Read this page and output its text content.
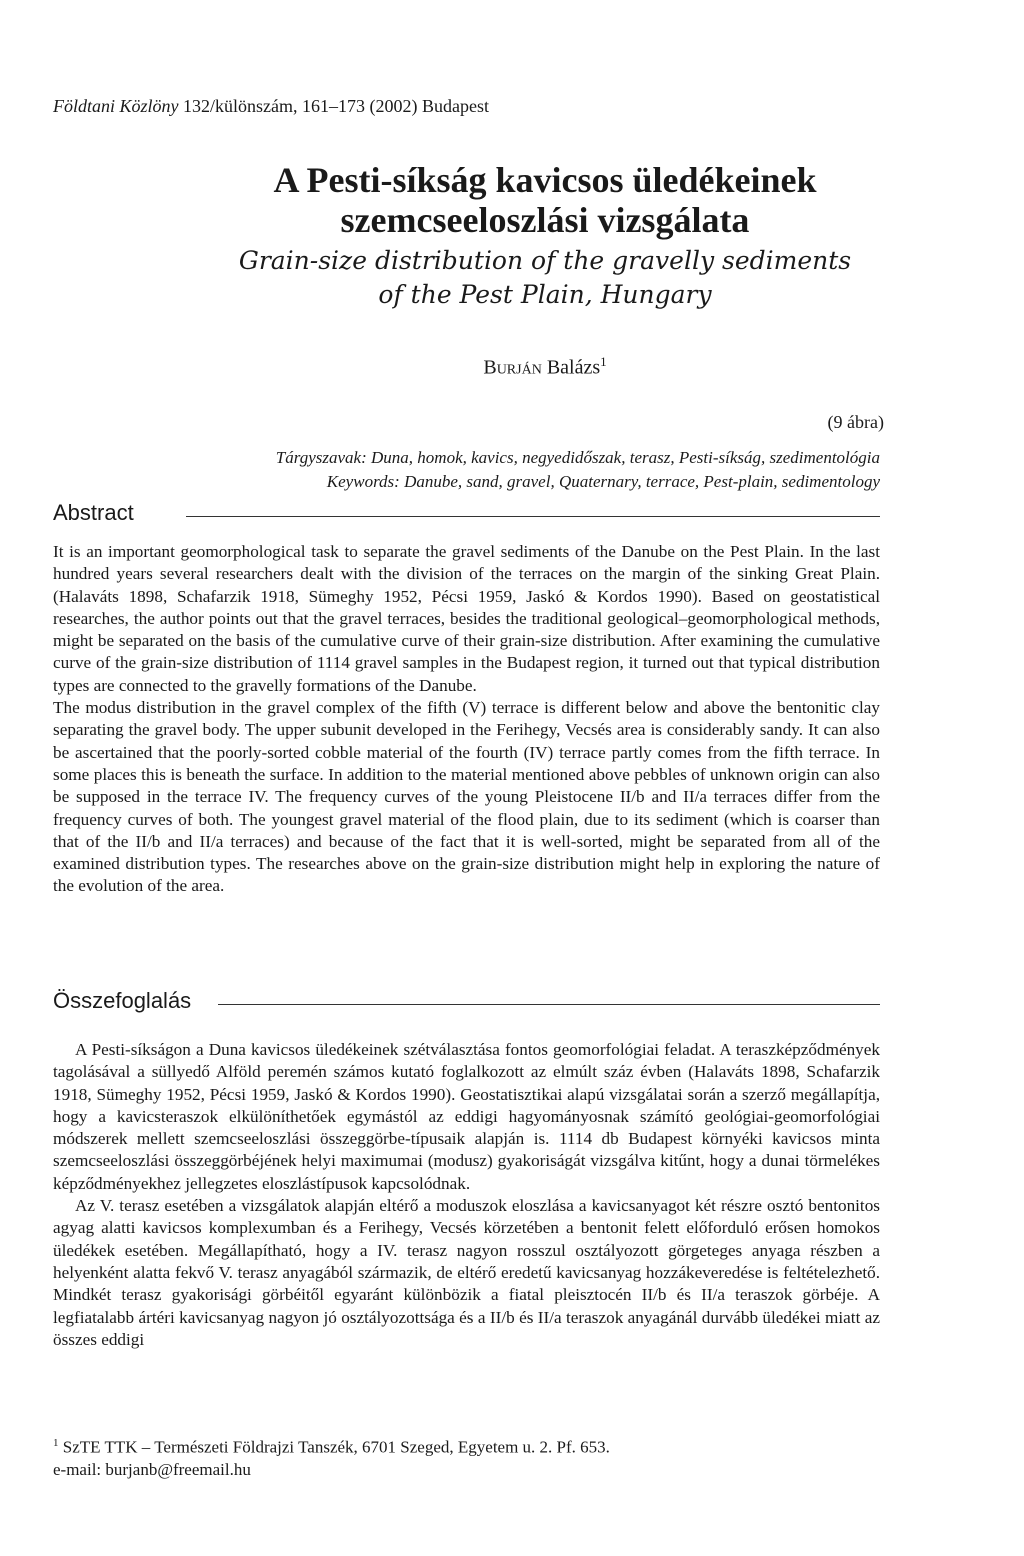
Földtani Közlöny 132/különszám, 161–173 (2002) Budapest

A Pesti-síkság kavicsos üledékeinek

szemcseeloszlási vizsgálata

Grain-size distribution of the gravelly sediments

of the Pest Plain, Hungary

Burján Balázs$^1$
(9 ábra)
Tárgyszavak: Duna, homok, kavics, negyedidőszak, terasz, Pesti-síkság, szedimentológia
Keywords: Danube, sand, gravel, Quaternary, terrace, Pest-plain, sedimentology
Abstract

It is an important geomorphological task to separate the gravel sediments of the Danube on the Pest Plain. In the last hundred years several researchers dealt with the division of the terraces on the margin of the sinking Great Plain. (Halaváts 1898, Schafarzik 1918, Sümeghy 1952, Pécsi 1959, Jaskó & Kordos 1990). Based on geostatistical researches, the author points out that the gravel terraces, besides the traditional geological–geomorphological methods, might be separated on the basis of the cumulative curve of their grain-size distribution. After examining the cumulative curve of the grain-size distribution of 1114 gravel samples in the Budapest region, it turned out that typical distribution types are connected to the gravelly formations of the Danube.

The modus distribution in the gravel complex of the fifth (V) terrace is different below and above the bentonitic clay separating the gravel body. The upper subunit developed in the Ferihegy, Vecsés area is considerably sandy. It can also be ascertained that the poorly-sorted cobble material of the fourth (IV) terrace partly comes from the fifth terrace. In some places this is beneath the surface. In addition to the material mentioned above pebbles of unknown origin can also be supposed in the terrace IV. The frequency curves of the young Pleistocene II/b and II/a terraces differ from the frequency curves of both. The youngest gravel material of the flood plain, due to its sediment (which is coarser than that of the II/b and II/a terraces) and because of the fact that it is well-sorted, might be separated from all of the examined distribution types. The researches above on the grain-size distribution might help in exploring the nature of the evolution of the area.

Összefoglalás

A Pesti-síkságon a Duna kavicsos üledékeinek szétválasztása fontos geomorfológiai feladat. A teraszképződmények tagolásával a süllyedő Alföld peremén számos kutató foglalkozott az elmúlt száz évben (Halaváts 1898, Schafarzik 1918, Sümeghy 1952, Pécsi 1959, Jaskó & Kordos 1990). Geostatisztikai alapú vizsgálatai során a szerző megállapítja, hogy a kavicsteraszok elkülöníthetőek egymástól az eddigi hagyományosnak számító geológiai-geomorfológiai módszerek mellett szemcseeloszlási összeggörbe-típusaik alapján is. 1114 db Budapest környéki kavicsos minta szemcseeloszlási összeggörbéjének helyi maximumai (modusz) gyakoriságát vizsgálva kitűnt, hogy a dunai törmelékes képződményekhez jellegzetes eloszlástípusok kapcsolódnak.

Az V. terasz esetében a vizsgálatok alapján eltérő a moduszok eloszlása a kavicsanyagot két részre osztó bentonitos agyag alatti kavicsos komplexumban és a Ferihegy, Vecsés körzetében a bentonit felett előforduló erősen homokos üledékek esetében. Megállapítható, hogy a IV. terasz nagyon rosszul osztályozott görgeteges anyaga részben a helyenként alatta fekvő V. terasz anyagából származik, de eltérő eredetű kavicsanyag hozzákeveredése is feltételezhető. Mindkét terasz gyakorisági görbéitől egyaránt különbözik a fiatal pleisztocén II/b és II/a teraszok görbéje. A legfiatalabb ártéri kavicsanyag nagyon jó osztályozottsága és a II/b és II/a teraszok anyagánál durvább üledékei miatt az összes eddigi

$^1$ SzTE TTK – Természeti Földrajzi Tanszék, 6701 Szeged, Egyetem u. 2. Pf. 653.
e-mail: burjanb@freemail.hu
